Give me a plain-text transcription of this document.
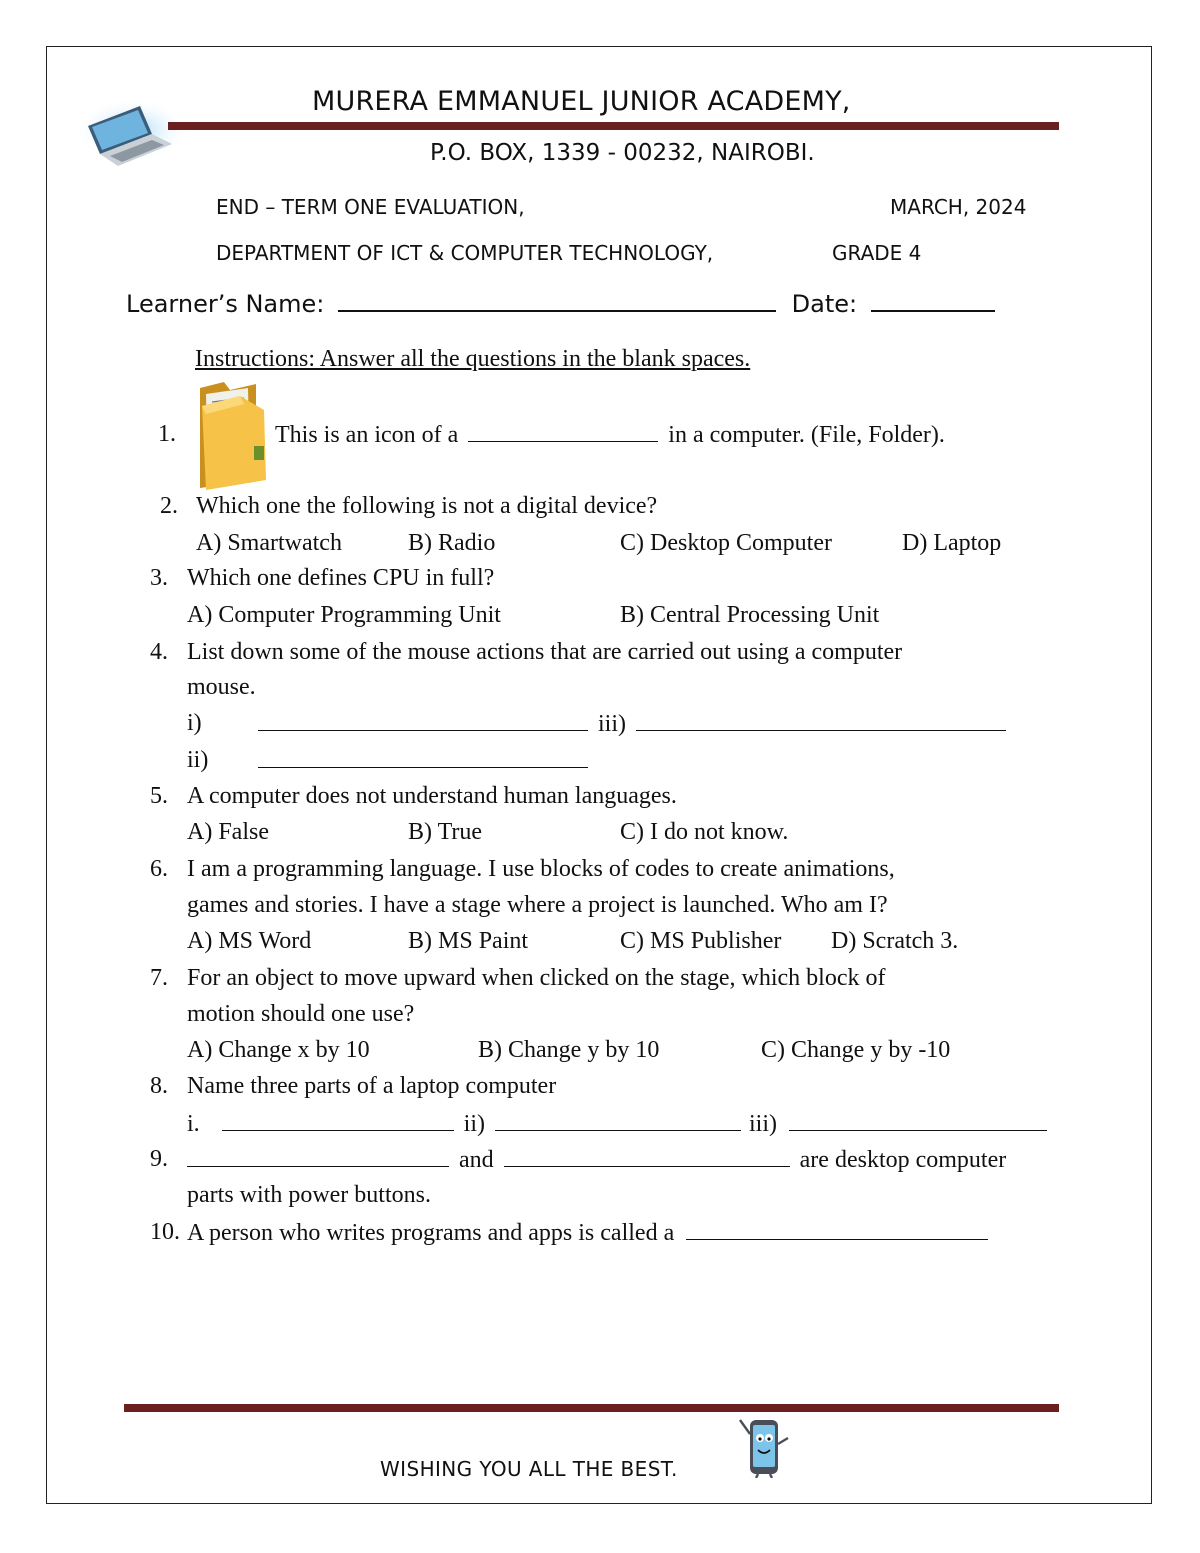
MURERA EMMANUEL JUNIOR ACADEMY,
P.O. BOX, 1339 - 00232, NAIROBI.
END – TERM ONE EVALUATION,	MARCH, 2024
DEPARTMENT OF ICT & COMPUTER TECHNOLOGY,	GRADE 4
Learner’s Name:	Date:
Instructions: Answer all the questions in the blank spaces.
1.	This is an icon of a	in a computer. (File, Folder).
2. Which one the following is not a digital device?
A) Smartwatch	B) Radio	C) Desktop Computer	D) Laptop
3. Which one defines CPU in full?
A) Computer Programming Unit	B) Central Processing Unit
4. List down some of the mouse actions that are carried out using a computer
mouse.
i)	iii)
ii)
5. A computer does not understand human languages.
A) False	B) True	C) I do not know.
6. I am a programming language. I use blocks of codes to create animations,
games and stories. I have a stage where a project is launched. Who am I?
A) MS Word	B) MS Paint	C) MS Publisher D) Scratch 3.
7. For an object to move upward when clicked on the stage, which block of
motion should one use?
A) Change x by 10	B) Change y by 10	C) Change y by -10
8. Name three parts of a laptop computer
i.	ii)	iii)
9.	and	are desktop computer
parts with power buttons.
10. A person who writes programs and apps is called a
WISHING YOU ALL THE BEST.
